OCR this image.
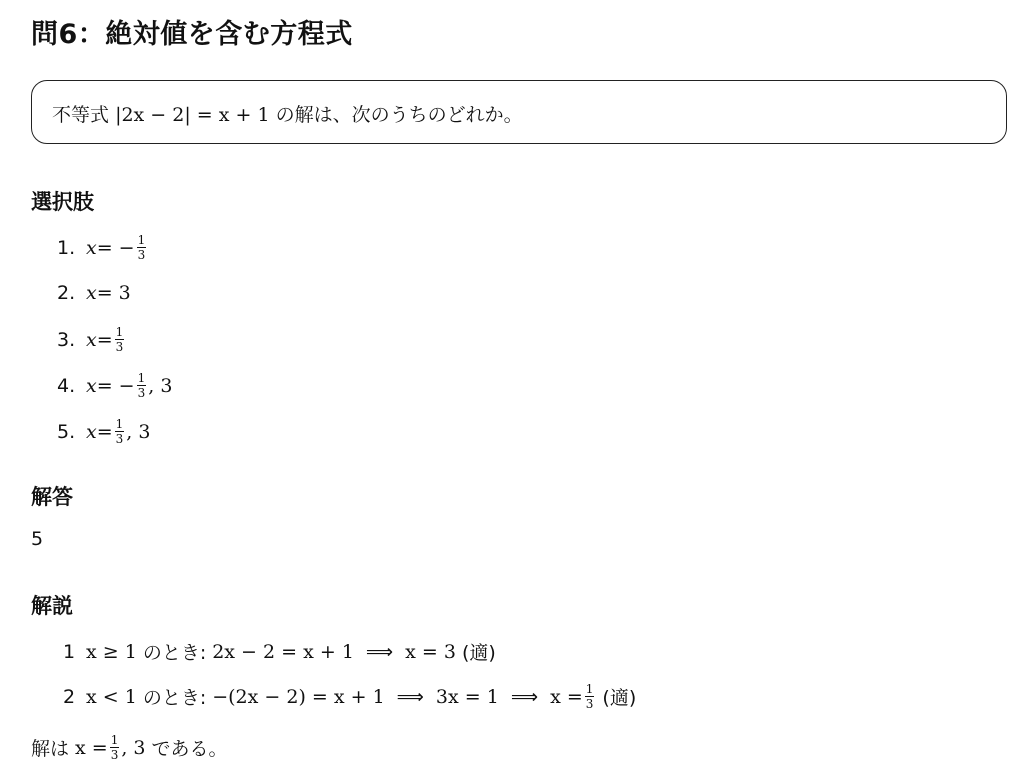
問6：絶対値を含む方程式
不等式 |2x − 2| = x + 1 の解は、次のうちのどれか。
選択肢
1. x = − $\frac{1}{3}$
2. x = 3
3. $x = \frac{1}{3}$
4. x = − $\frac{1}{3}$ , 3
5. $x = \frac{1}{3}$ , 3
解答
5
解説
1 x ≥ 1 のとき: 2x − 2 = x + 1 ⟹ x = 3 (適)
2 x < 1 のとき: −(2x − 2) = x + 1 ⟹ 3x = 1 ⟹ $x = \frac{1}{3}$ (適)
解は $x = \frac{1}{3}$ , 3 である。
